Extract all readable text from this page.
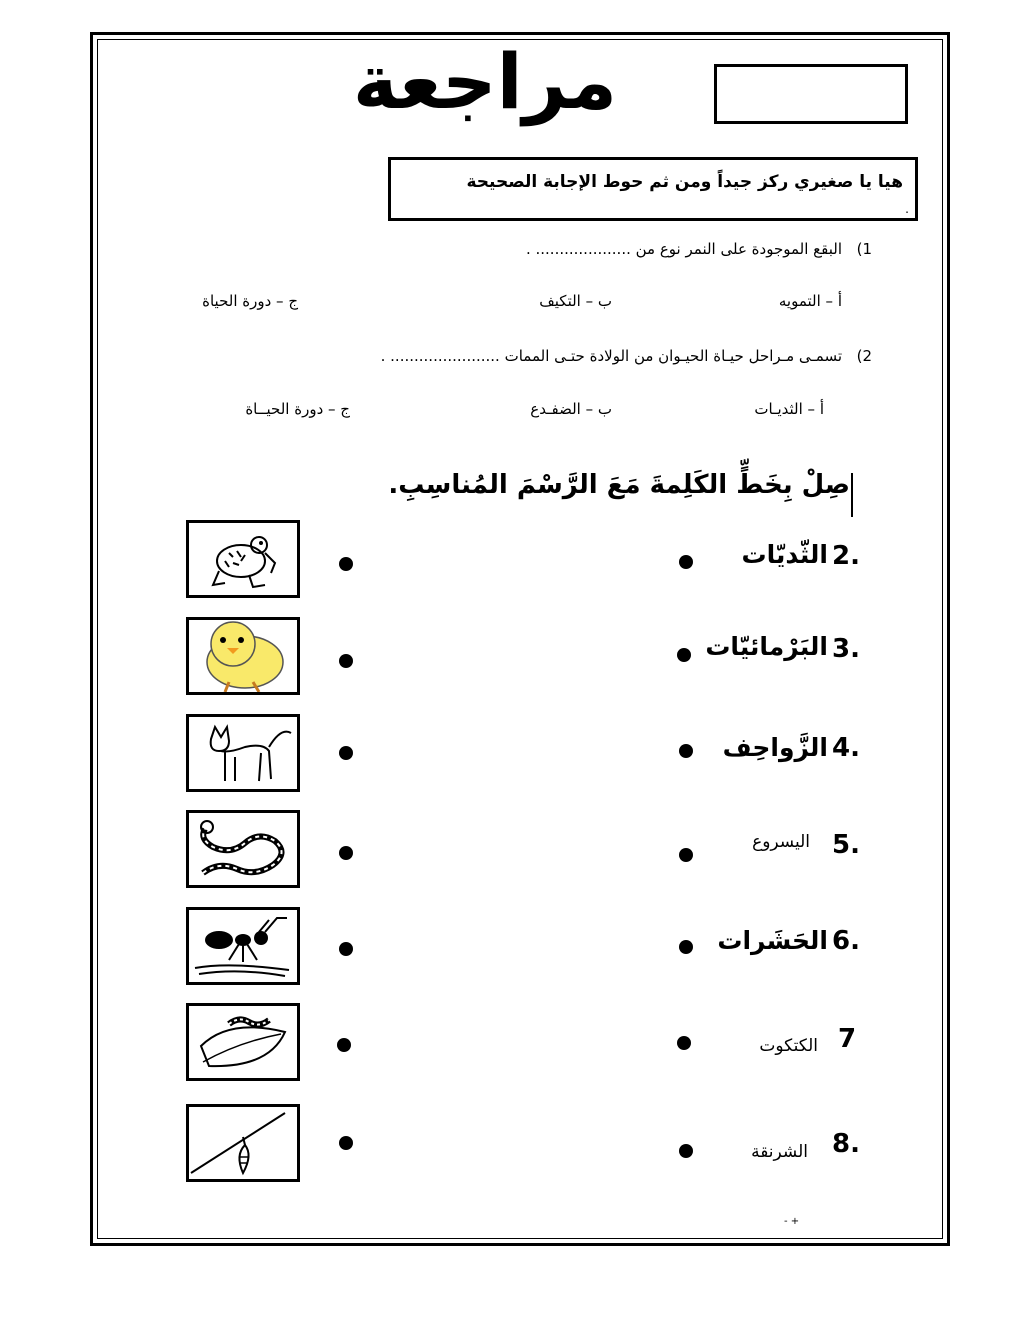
مراجعة
هيا يا صغيري ركز جيداً ومن ثم حوط الإجابة الصحيحة
.
1)
البقع الموجودة على النمر نوع من .................... .
أ – التمويه
ب – التكيف
ج – دورة الحياة
2)
تسمـى مـراحل حيـاة الحيـوان من الولادة حتـى الممات ....................... .
أ – الثديـات
ب – الضفـدع
ج – دورة الحيــاة
صِلْ بِخَطٍّ الكَلِمةَ مَعَ الرَّسْمَ المُناسِبِ.
2.
3.
4.
5.
6.
7
8.
الثّديّات
البَرْمائيّات
الزَّواحِف
اليسروع
الحَشَرات
الكتكوت
الشرنقة
- +
